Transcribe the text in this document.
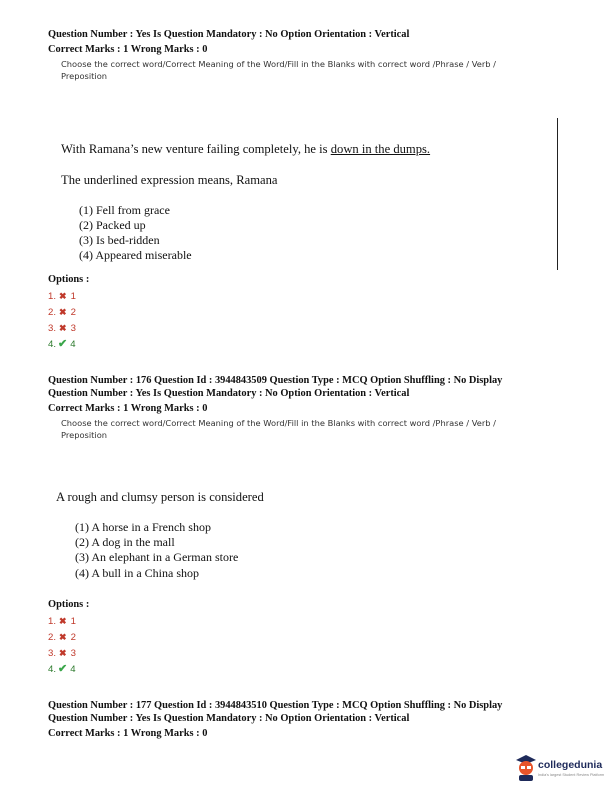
Question Number : Yes Is Question Mandatory : No Option Orientation : Vertical
Correct Marks : 1 Wrong Marks : 0
Choose the correct word/Correct Meaning of the Word/Fill in the Blanks with correct word /Phrase / Verb / Preposition
With Ramana’s new venture failing completely, he is down in the dumps.
The underlined expression means, Ramana
(1) Fell from grace
(2) Packed up
(3) Is bed-ridden
(4) Appeared miserable
Options :
1. ✖ 1
2. ✖ 2
3. ✖ 3
4. ✔ 4
Question Number : 176 Question Id : 3944843509 Question Type : MCQ Option Shuffling : No Display
Question Number : Yes Is Question Mandatory : No Option Orientation : Vertical
Correct Marks : 1 Wrong Marks : 0
Choose the correct word/Correct Meaning of the Word/Fill in the Blanks with correct word /Phrase / Verb / Preposition
A rough and clumsy person is considered
(1) A horse in a French shop
(2) A dog in the mall
(3) An elephant in a German store
(4) A bull in a China shop
Options :
1. ✖ 1
2. ✖ 2
3. ✖ 3
4. ✔ 4
Question Number : 177 Question Id : 3944843510 Question Type : MCQ Option Shuffling : No Display
Question Number : Yes Is Question Mandatory : No Option Orientation : Vertical
Correct Marks : 1 Wrong Marks : 0
collegedunia
India's largest Student Review Platform
